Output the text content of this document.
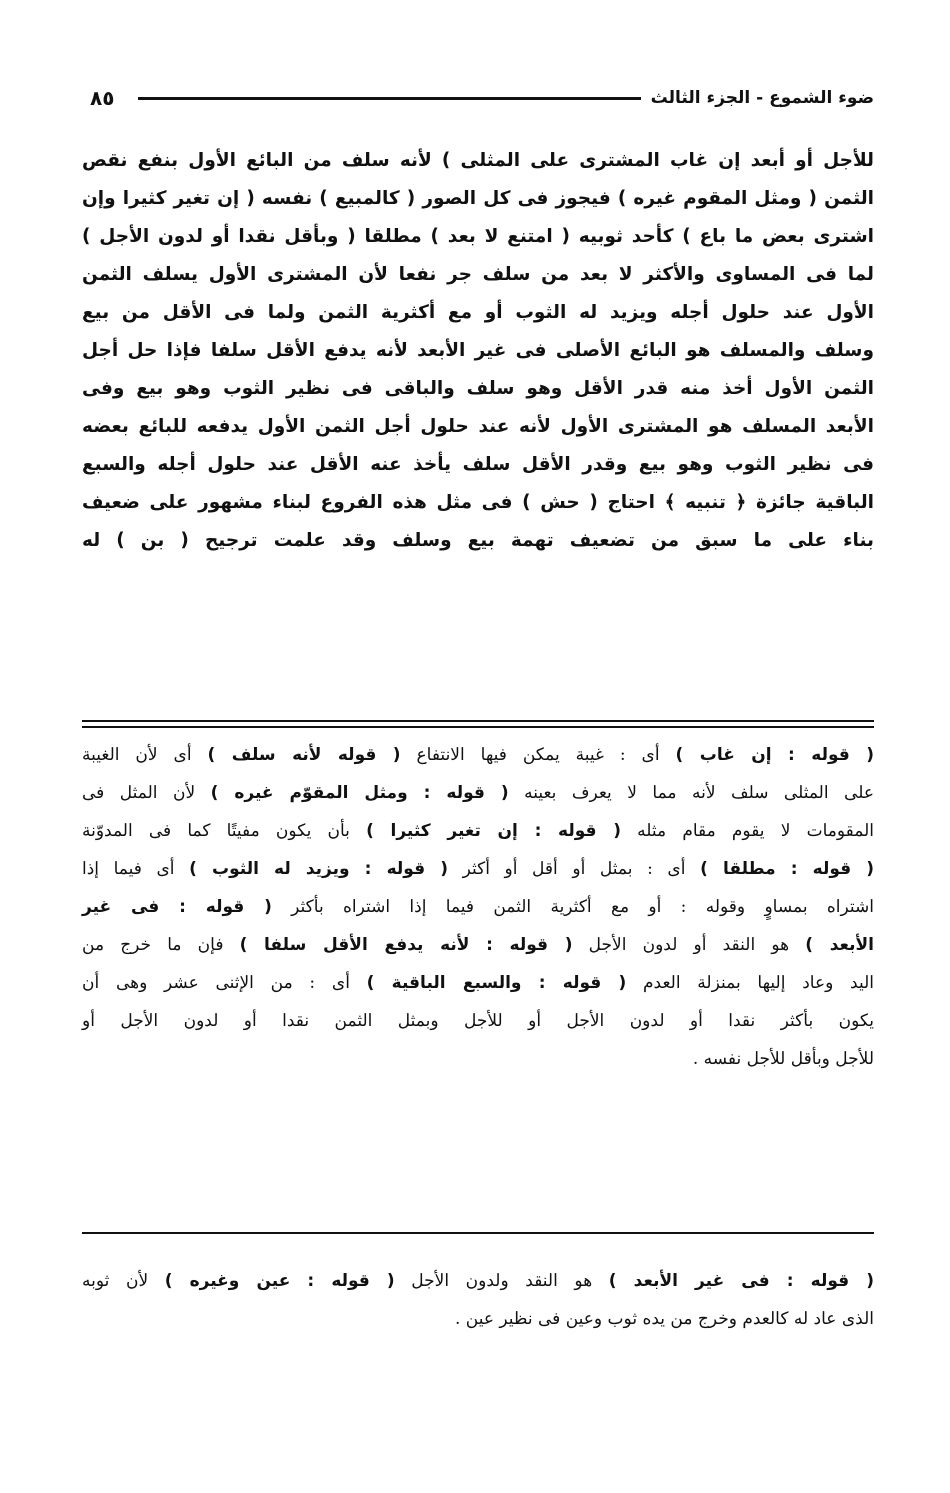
٨٥	ضوء الشموع - الجزء الثالث
للأجل أو أبعد إن غاب المشترى على المثلى ) لأنه سلف من البائع الأول بنفع نقص
الثمن ( ومثل المقوم غيره ) فيجوز فى كل الصور ( كالمبيع ) نفسه ( إن تغير كثيرا وإن
اشترى بعض ما باع ) كأحد ثوبيه ( امتنع لا بعد ) مطلقا ( وبأقل نقدا أو لدون الأجل )
لما فى المساوى والأكثر لا بعد من سلف جر نفعا لأن المشترى الأول يسلف الثمن
الأول عند حلول أجله ويزيد له الثوب أو مع أكثرية الثمن ولما فى الأقل من بيع
وسلف والمسلف هو البائع الأصلى فى غير الأبعد لأنه يدفع الأقل سلفا فإذا حل أجل
الثمن الأول أخذ منه قدر الأقل وهو سلف والباقى فى نظير الثوب وهو بيع وفى
الأبعد المسلف هو المشترى الأول لأنه عند حلول أجل الثمن الأول يدفعه للبائع بعضه
فى نظير الثوب وهو بيع وقدر الأقل سلف يأخذ عنه الأقل عند حلول أجله والسبع
الباقية جائزة ﴿ تنبيه ﴾ احتاج ( حش ) فى مثل هذه الفروع لبناء مشهور على ضعيف
بناء على ما سبق من تضعيف تهمة بيع وسلف وقد علمت ترجيح ( بن ) له
( قوله : إن غاب ) أى : غيبة يمكن فيها الانتفاع ( قوله لأنه سلف ) أى لأن الغيبة
على المثلى سلف لأنه مما لا يعرف بعينه ( قوله : ومثل المقوّم غيره ) لأن المثل فى
المقومات لا يقوم مقام مثله ( قوله : إن تغير كثيرا ) بأن يكون مفيتًا كما فى المدوّنة
( قوله : مطلقا ) أى : بمثل أو أقل أو أكثر ( قوله : ويزيد له الثوب ) أى فيما إذا
اشتراه بمساوٍ وقوله : أو مع أكثرية الثمن فيما إذا اشتراه بأكثر ( قوله : فى غير
الأبعد ) هو النقد أو لدون الأجل ( قوله : لأنه يدفع الأقل سلفا ) فإن ما خرج من
اليد وعاد إليها بمنزلة العدم ( قوله : والسبع الباقية ) أى : من الإثنى عشر وهى أن
يكون بأكثر نقدا أو لدون الأجل أو للأجل وبمثل الثمن نقدا أو لدون الأجل أو
للأجل وبأقل للأجل نفسه .
( قوله : فى غير الأبعد ) هو النقد ولدون الأجل ( قوله : عين وغيره ) لأن ثوبه
الذى عاد له كالعدم وخرج من يده ثوب وعين فى نظير عين .
